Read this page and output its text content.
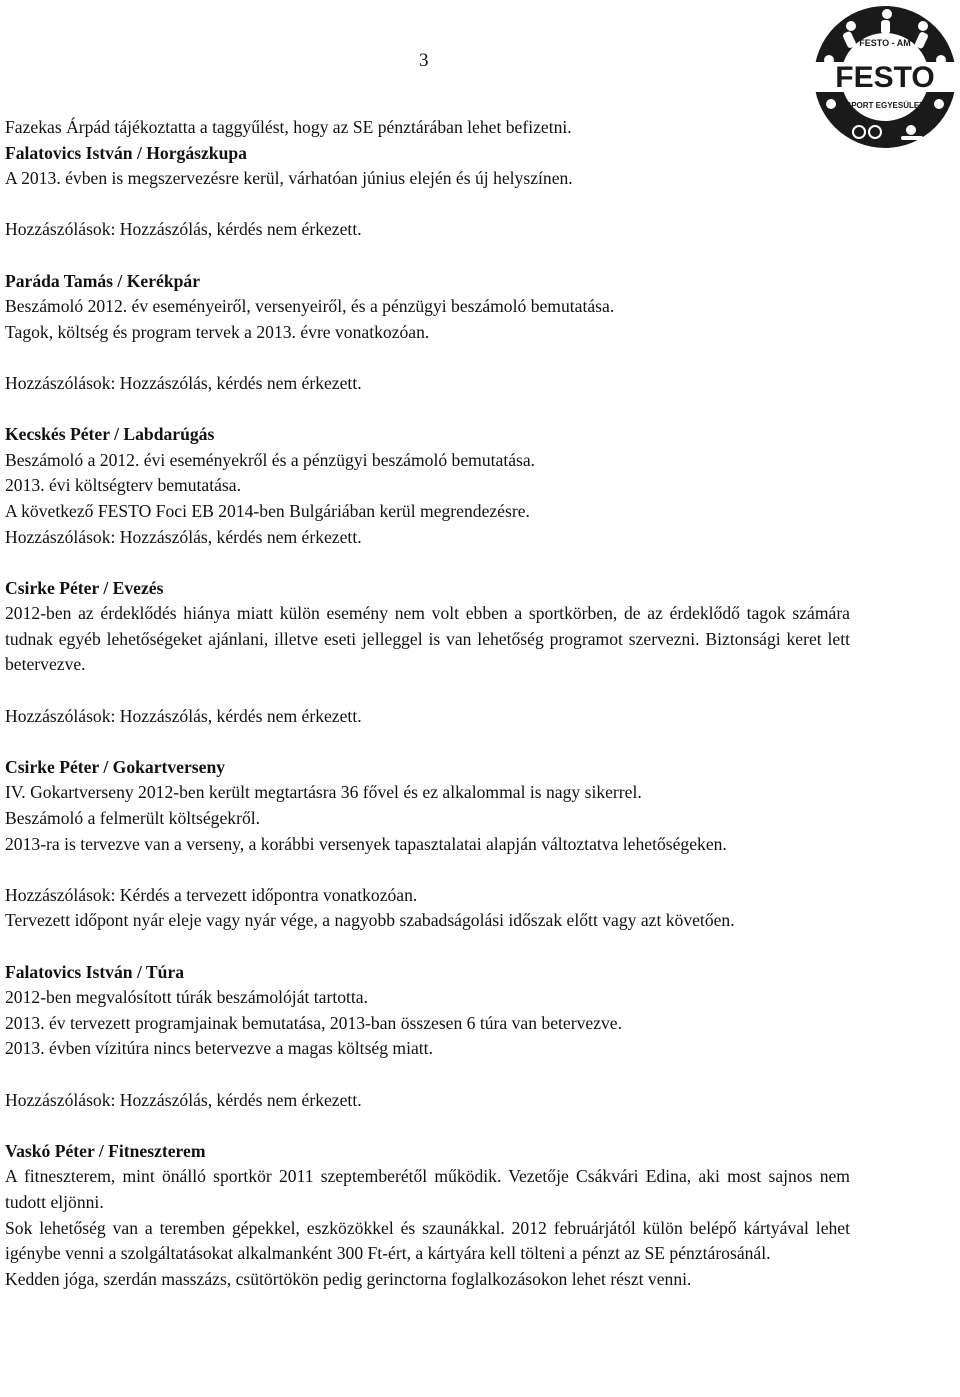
3
FESTO - AM
FESTO
SPORT EGYESÜLET
Fazekas Árpád tájékoztatta a taggyűlést, hogy az SE pénztárában lehet befizetni.
Falatovics István / Horgászkupa
A 2013. évben is megszervezésre kerül, várhatóan június elején és új helyszínen.
Hozzászólások: Hozzászólás, kérdés nem érkezett.
Paráda Tamás / Kerékpár
Beszámoló 2012. év eseményeiről, versenyeiről, és a pénzügyi beszámoló bemutatása.
Tagok, költség és program tervek a 2013. évre vonatkozóan.
Hozzászólások: Hozzászólás, kérdés nem érkezett.
Kecskés Péter / Labdarúgás
Beszámoló a 2012. évi eseményekről és a pénzügyi beszámoló bemutatása.
2013. évi költségterv bemutatása.
A következő FESTO Foci EB 2014-ben Bulgáriában kerül megrendezésre.
Hozzászólások: Hozzászólás, kérdés nem érkezett.
Csirke Péter / Evezés
2012-ben az érdeklődés hiánya miatt külön esemény nem volt ebben a sportkörben, de az érdeklődő tagok számára tudnak egyéb lehetőségeket ajánlani, illetve eseti jelleggel is van lehetőség programot szervezni. Biztonsági keret lett betervezve.
Hozzászólások: Hozzászólás, kérdés nem érkezett.
Csirke Péter / Gokartverseny
IV. Gokartverseny 2012-ben került megtartásra 36 fővel és ez alkalommal is nagy sikerrel.
Beszámoló a felmerült költségekről.
2013-ra is tervezve van a verseny, a korábbi versenyek tapasztalatai alapján változtatva lehetőségeken.
Hozzászólások: Kérdés a tervezett időpontra vonatkozóan.
Tervezett időpont nyár eleje vagy nyár vége, a nagyobb szabadságolási időszak előtt vagy azt követően.
Falatovics István / Túra
2012-ben megvalósított túrák beszámolóját tartotta.
2013. év tervezett programjainak bemutatása, 2013-ban összesen 6 túra van betervezve.
2013. évben vízitúra nincs betervezve a magas költség miatt.
Hozzászólások: Hozzászólás, kérdés nem érkezett.
Vaskó Péter / Fitneszterem
A fitneszterem, mint önálló sportkör 2011 szeptemberétől működik. Vezetője Csákvári Edina, aki most sajnos nem tudott eljönni.
Sok lehetőség van a teremben gépekkel, eszközökkel és szaunákkal. 2012 februárjától külön belépő kártyával lehet igénybe venni a szolgáltatásokat alkalmanként 300 Ft-ért, a kártyára kell tölteni a pénzt az SE pénztárosánál.
Kedden jóga, szerdán masszázs, csütörtökön pedig gerinctorna foglalkozásokon lehet részt venni.
